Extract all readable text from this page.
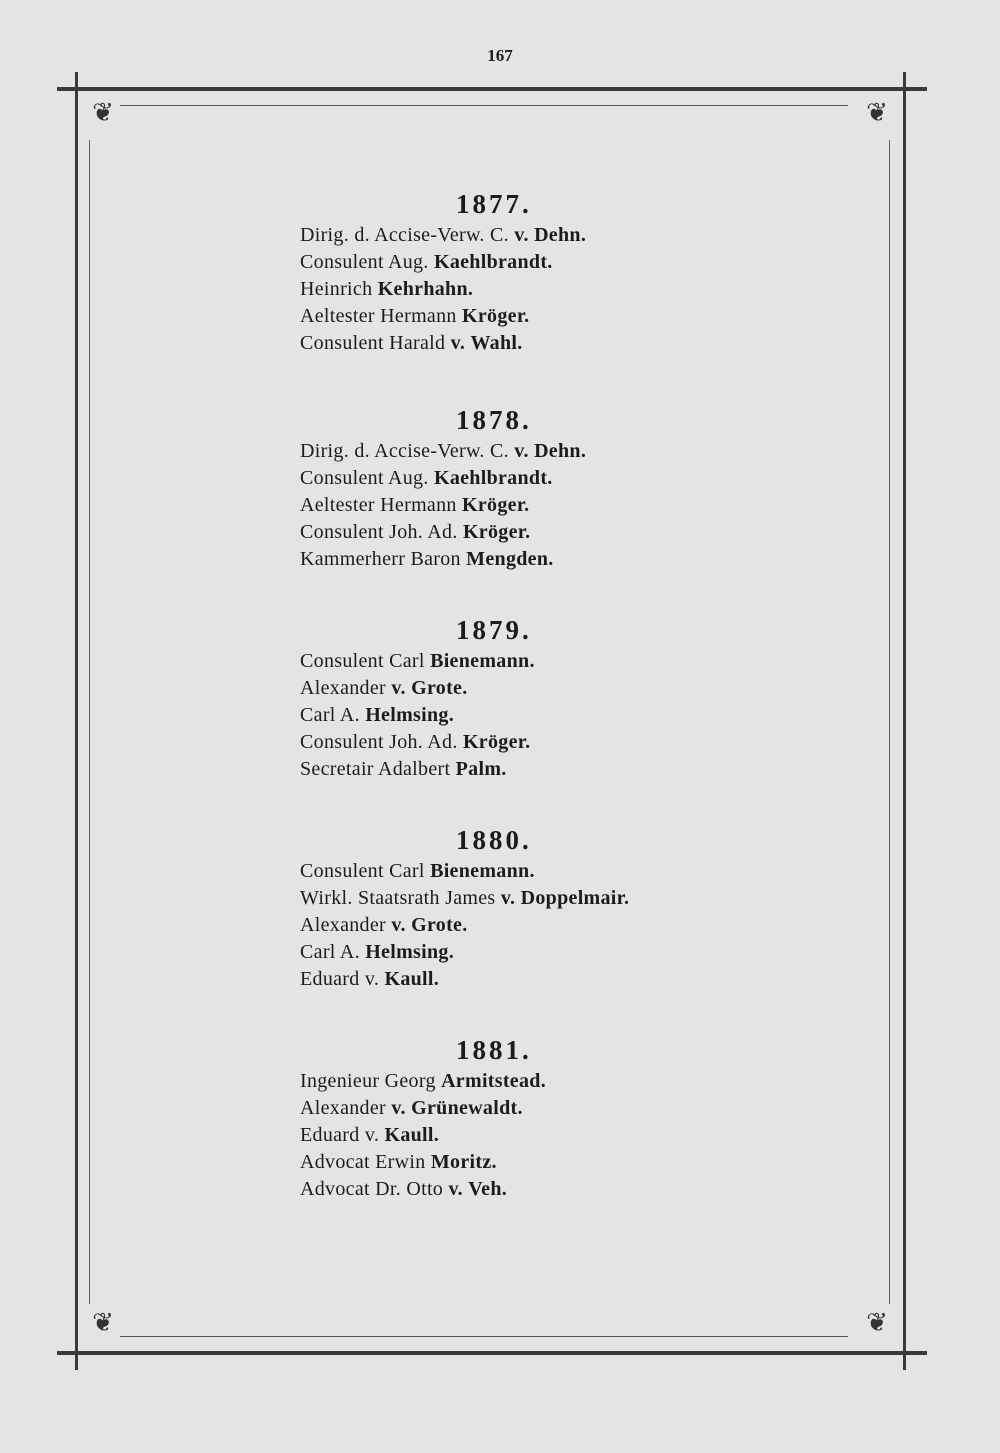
167
❦	❦
❦	❦
1877.
Dirig. d. Accise-Verw. C. v. Dehn.
Consulent Aug. Kaehlbrandt.
Heinrich Kehrhahn.
Aeltester Hermann Kröger.
Consulent Harald v. Wahl.
1878.
Dirig. d. Accise-Verw. C. v. Dehn.
Consulent Aug. Kaehlbrandt.
Aeltester Hermann Kröger.
Consulent Joh. Ad. Kröger.
Kammerherr Baron Mengden.
1879.
Consulent Carl Bienemann.
Alexander v. Grote.
Carl A. Helmsing.
Consulent Joh. Ad. Kröger.
Secretair Adalbert Palm.
1880.
Consulent Carl Bienemann.
Wirkl. Staatsrath James v. Doppelmair.
Alexander v. Grote.
Carl A. Helmsing.
Eduard v. Kaull.
1881.
Ingenieur Georg Armitstead.
Alexander v. Grünewaldt.
Eduard v. Kaull.
Advocat Erwin Moritz.
Advocat Dr. Otto v. Veh.
